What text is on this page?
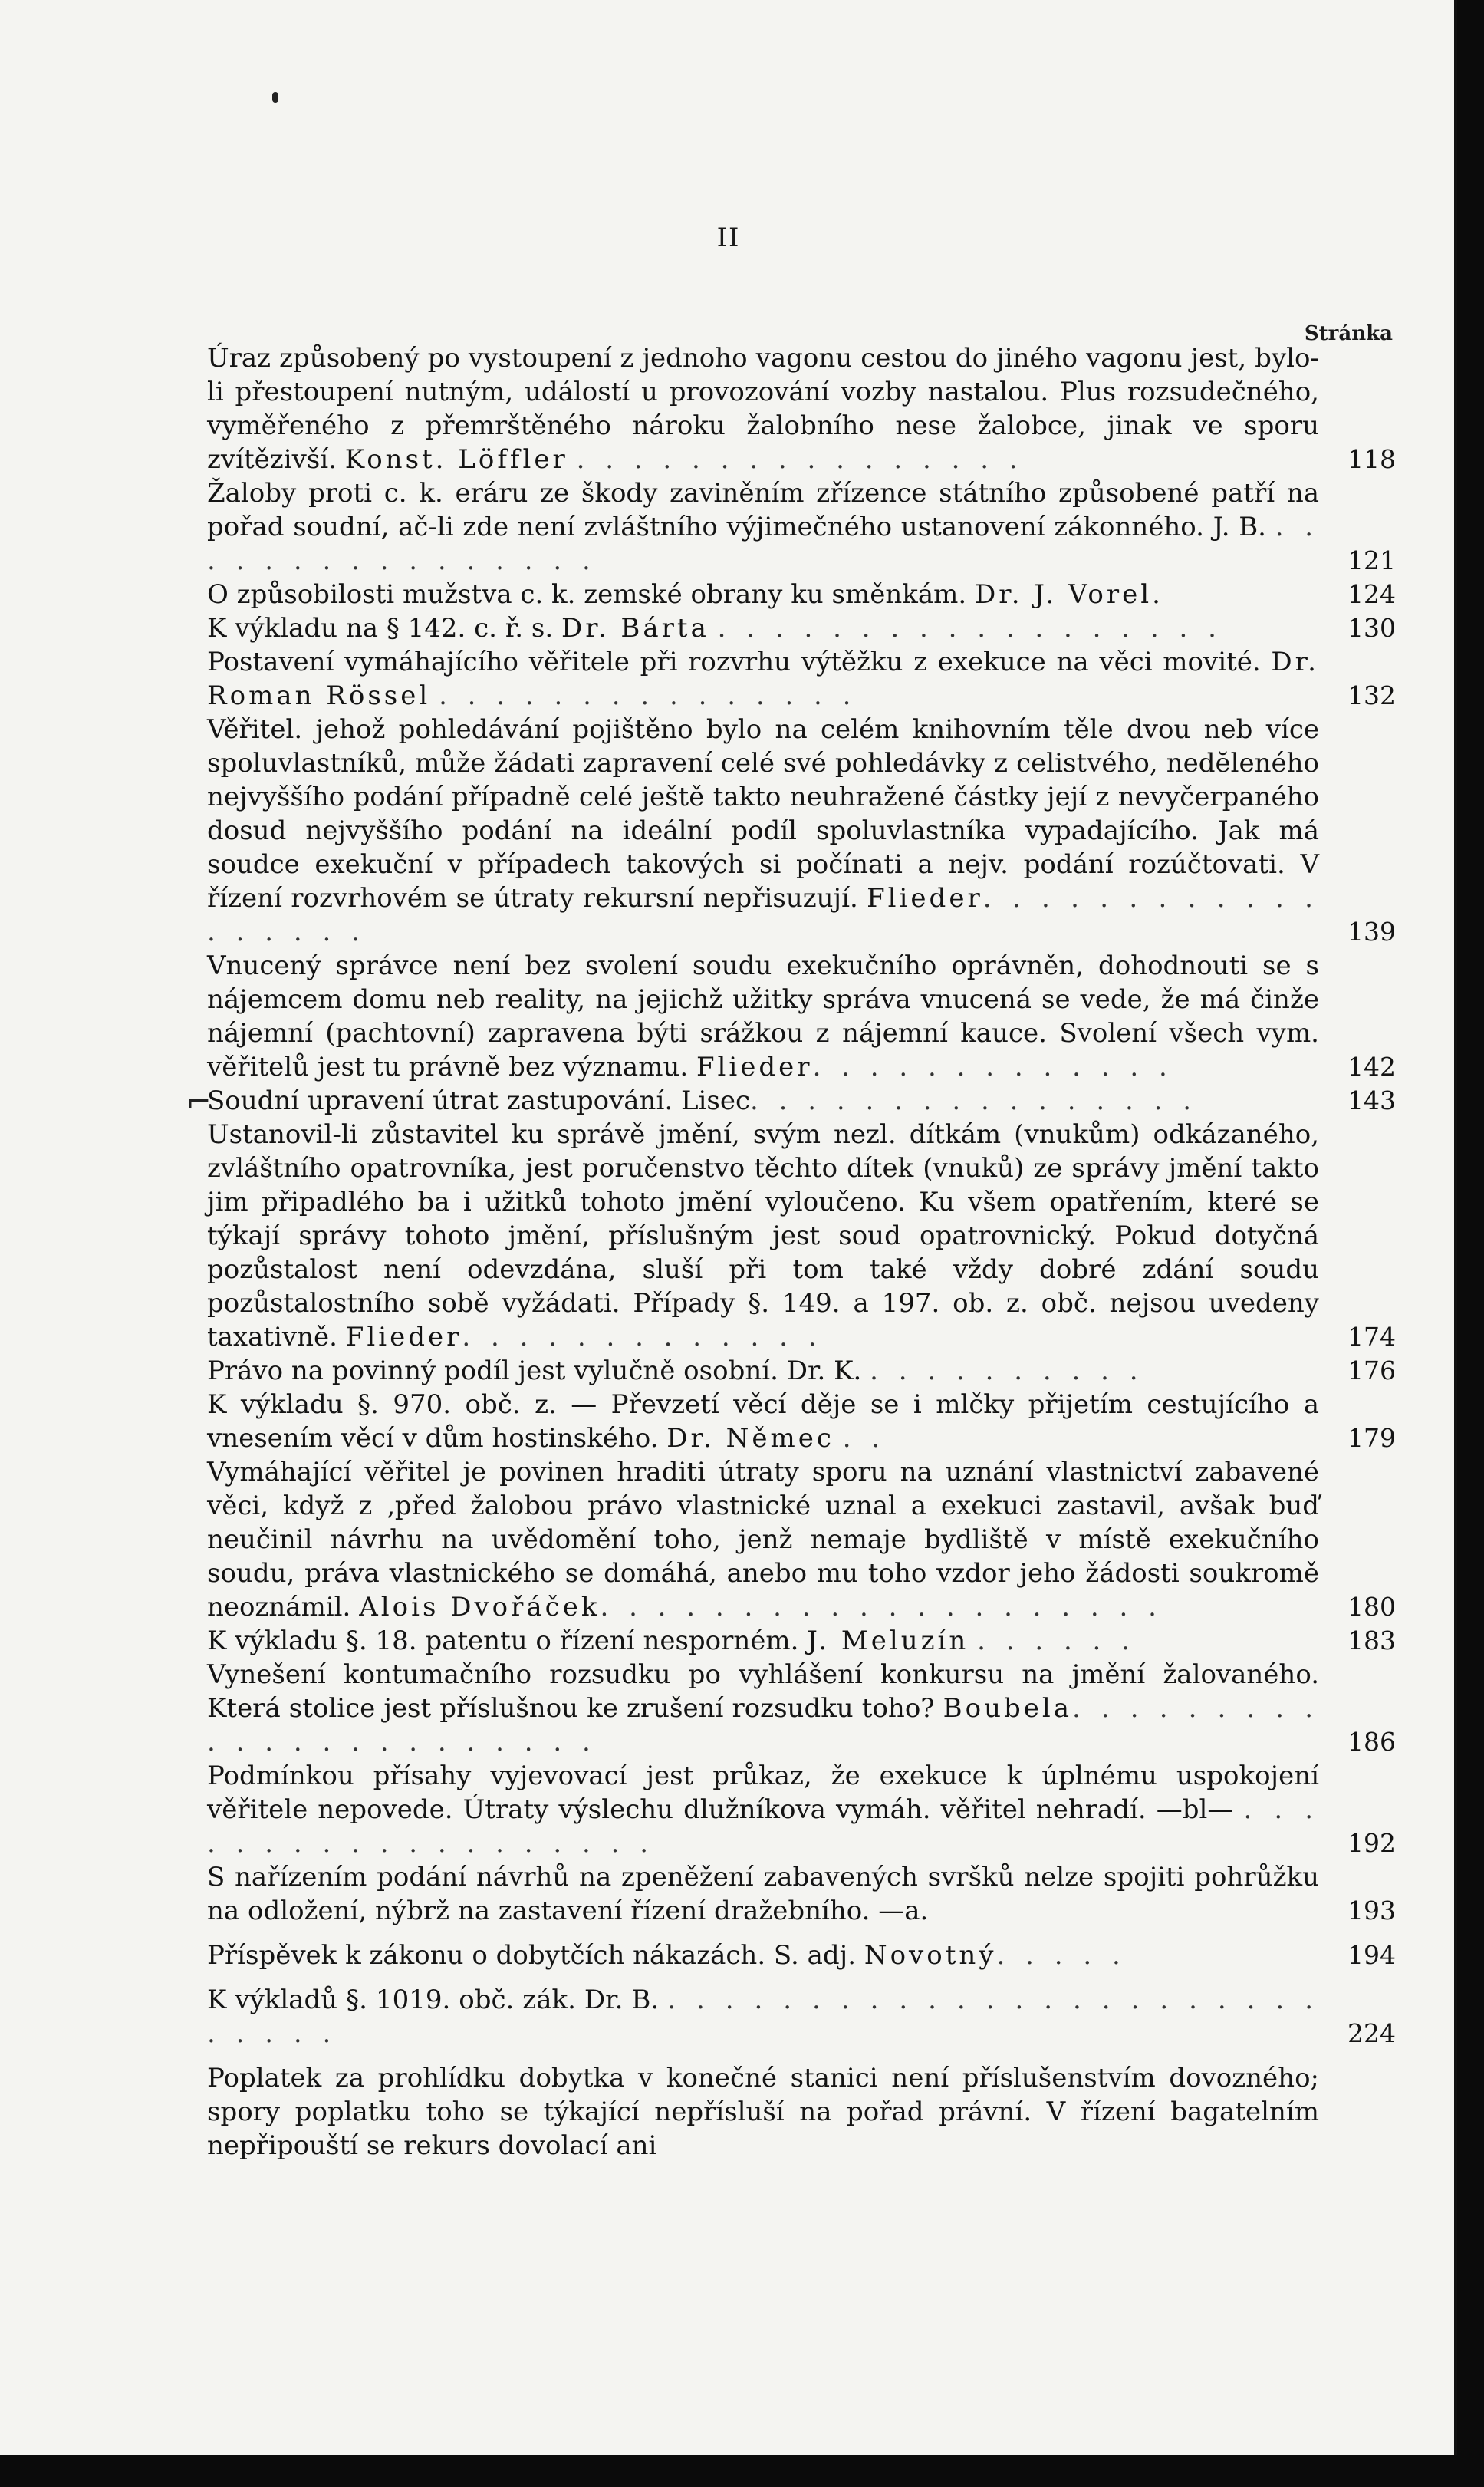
II
Stránka
Úraz způsobený po vystoupení z jednoho vagonu cestou do jiného vagonu jest, bylo-li přestoupení nutným, událostí u provozování vozby nastalou. Plus rozsudečného, vyměřeného z přemrštěného nároku žalobního nese žalobce, jinak ve sporu zvítězivší. Konst. Löffler . . . . . . . . . . . . . . . .	118
Žaloby proti c. k. eráru ze škody zaviněním zřízence státního způsobené patří na pořad soudní, ač-li zde není zvláštního výjimečného ustanovení zákonného. J. B. . . . . . . . . . . . . . . . .	121
O způsobilosti mužstva c. k. zemské obrany ku směnkám. Dr. J. Vorel.	124
K výkladu na § 142. c. ř. s. Dr. Bárta . . . . . . . . . . . . . . . . . .	130
Postavení vymáhajícího věřitele při rozvrhu výtěžku z exekuce na věci movité. Dr. Roman Rössel . . . . . . . . . . . . . . .	132
Věřitel. jehož pohledávání pojištěno bylo na celém knihovním těle dvou neb více spoluvlastníků, může žádati zapravení celé své pohledávky z celistvého, nedĕleného nejvyššího podání případně celé ještě takto neuhražené částky její z nevyčerpaného dosud nejvyššího podání na ideální podíl spoluvlastníka vypadajícího. Jak má soudce exekuční v případech takových si počínati a nejv. podání rozúčtovati. V řízení rozvrhovém se útraty rekursní nepřisuzují. Flieder. . . . . . . . . . . . . . . . . .	139
Vnucený správce není bez svolení soudu exekučního oprávněn, dohodnouti se s nájemcem domu neb reality, na jejichž užitky správa vnucená se vede, že má činže nájemní (pachtovní) zapravena býti srážkou z nájemní kauce. Svolení všech vym. věřitelů jest tu právně bez významu. Flieder. . . . . . . . . . . . .	142
⌐
Soudní upravení útrat zastupování. Lisec. . . . . . . . . . . . . . . .	143
Ustanovil-li zůstavitel ku správě jmění, svým nezl. dítkám (vnukům) odkázaného, zvláštního opatrovníka, jest poručenstvo těchto dítek (vnuků) ze správy jmění takto jim připadlého ba i užitků tohoto jmění vyloučeno. Ku všem opatřením, které se týkají správy tohoto jmění, příslušným jest soud opatrovnický. Pokud dotyčná pozůstalost není odevzdána, sluší při tom také vždy dobré zdání soudu pozůstalostního sobě vyžádati. Případy §. 149. a 197. ob. z. obč. nejsou uvedeny taxativně. Flieder. . . . . . . . . . . . .	174
Právo na povinný podíl jest vylučně osobní. Dr. K. . . . . . . . . . .	176
K výkladu §. 970. obč. z. — Převzetí věcí děje se i mlčky přijetím cestujícího a vnesením věcí v dům hostinského. Dr. Němec . .	179
Vymáhající věřitel je povinen hraditi útraty sporu na uznání vlastnictví zabavené věci, když z ‚před žalobou právo vlastnické uznal a exekuci zastavil, avšak buď neučinil návrhu na uvědomění toho, jenž nemaje bydliště v místě exekučního soudu, práva vlastnického se domáhá, anebo mu toho vzdor jeho žádosti soukromě neoznámil. Alois Dvořáček. . . . . . . . . . . . . . . . . . . .	180
K výkladu §. 18. patentu o řízení nesporném. J. Meluzín . . . . . .	183
Vynešení kontumačního rozsudku po vyhlášení konkursu na jmění žalovaného. Která stolice jest příslušnou ke zrušení rozsudku toho? Boubela. . . . . . . . . . . . . . . . . . . . . . .	186
Podmínkou přísahy vyjevovací jest průkaz, že exekuce k úplnému uspokojení věřitele nepovede. Útraty výslechu dlužníkova vymáh. věřitel nehradí. —bl— . . . . . . . . . . . . . . . . . . .	192
S nařízením podání návrhů na zpeněžení zabavených svršků nelze spojiti pohrůžku na odložení, nýbrž na zastavení řízení dražebního. —a.	193
Příspěvek k zákonu o dobytčích nákazách. S. adj. Novotný. . . . .	194
K výkladů §. 1019. obč. zák. Dr. B. . . . . . . . . . . . . . . . . . . . . . . . . . . . .	224
Poplatek za prohlídku dobytka v konečné stanici není příslušenstvím dovozného; spory poplatku toho se týkající nepřísluší na pořad právní. V řízení bagatelním nepřipouští se rekurs dovolací ani
